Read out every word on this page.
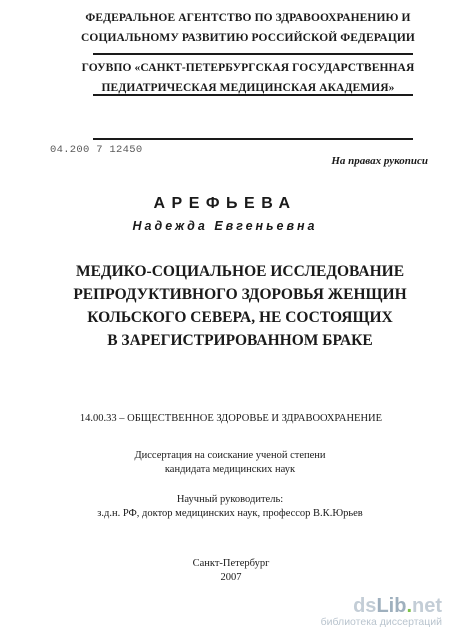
ФЕДЕРАЛЬНОЕ АГЕНТСТВО ПО ЗДРАВООХРАНЕНИЮ И
СОЦИАЛЬНОМУ РАЗВИТИЮ РОССИЙСКОЙ ФЕДЕРАЦИИ
ГОУВПО «САНКТ-ПЕТЕРБУРГСКАЯ ГОСУДАРСТВЕННАЯ
ПЕДИАТРИЧЕСКАЯ МЕДИЦИНСКАЯ АКАДЕМИЯ»
04.200 7 12450
На правах рукописи
АРЕФЬЕВА
Надежда Евгеньевна
МЕДИКО-СОЦИАЛЬНОЕ ИССЛЕДОВАНИЕ
РЕПРОДУКТИВНОГО ЗДОРОВЬЯ ЖЕНЩИН
КОЛЬСКОГО СЕВЕРА, НЕ СОСТОЯЩИХ
В ЗАРЕГИСТРИРОВАННОМ БРАКЕ
14.00.33 – ОБЩЕСТВЕННОЕ ЗДОРОВЬЕ И ЗДРАВООХРАНЕНИЕ
Диссертация на соискание ученой степени
кандидата медицинских наук
Научный руководитель:
з.д.н. РФ, доктор медицинских наук, профессор В.К.Юрьев
Санкт-Петербург
2007
dsLib.net
библиотека диссертаций
